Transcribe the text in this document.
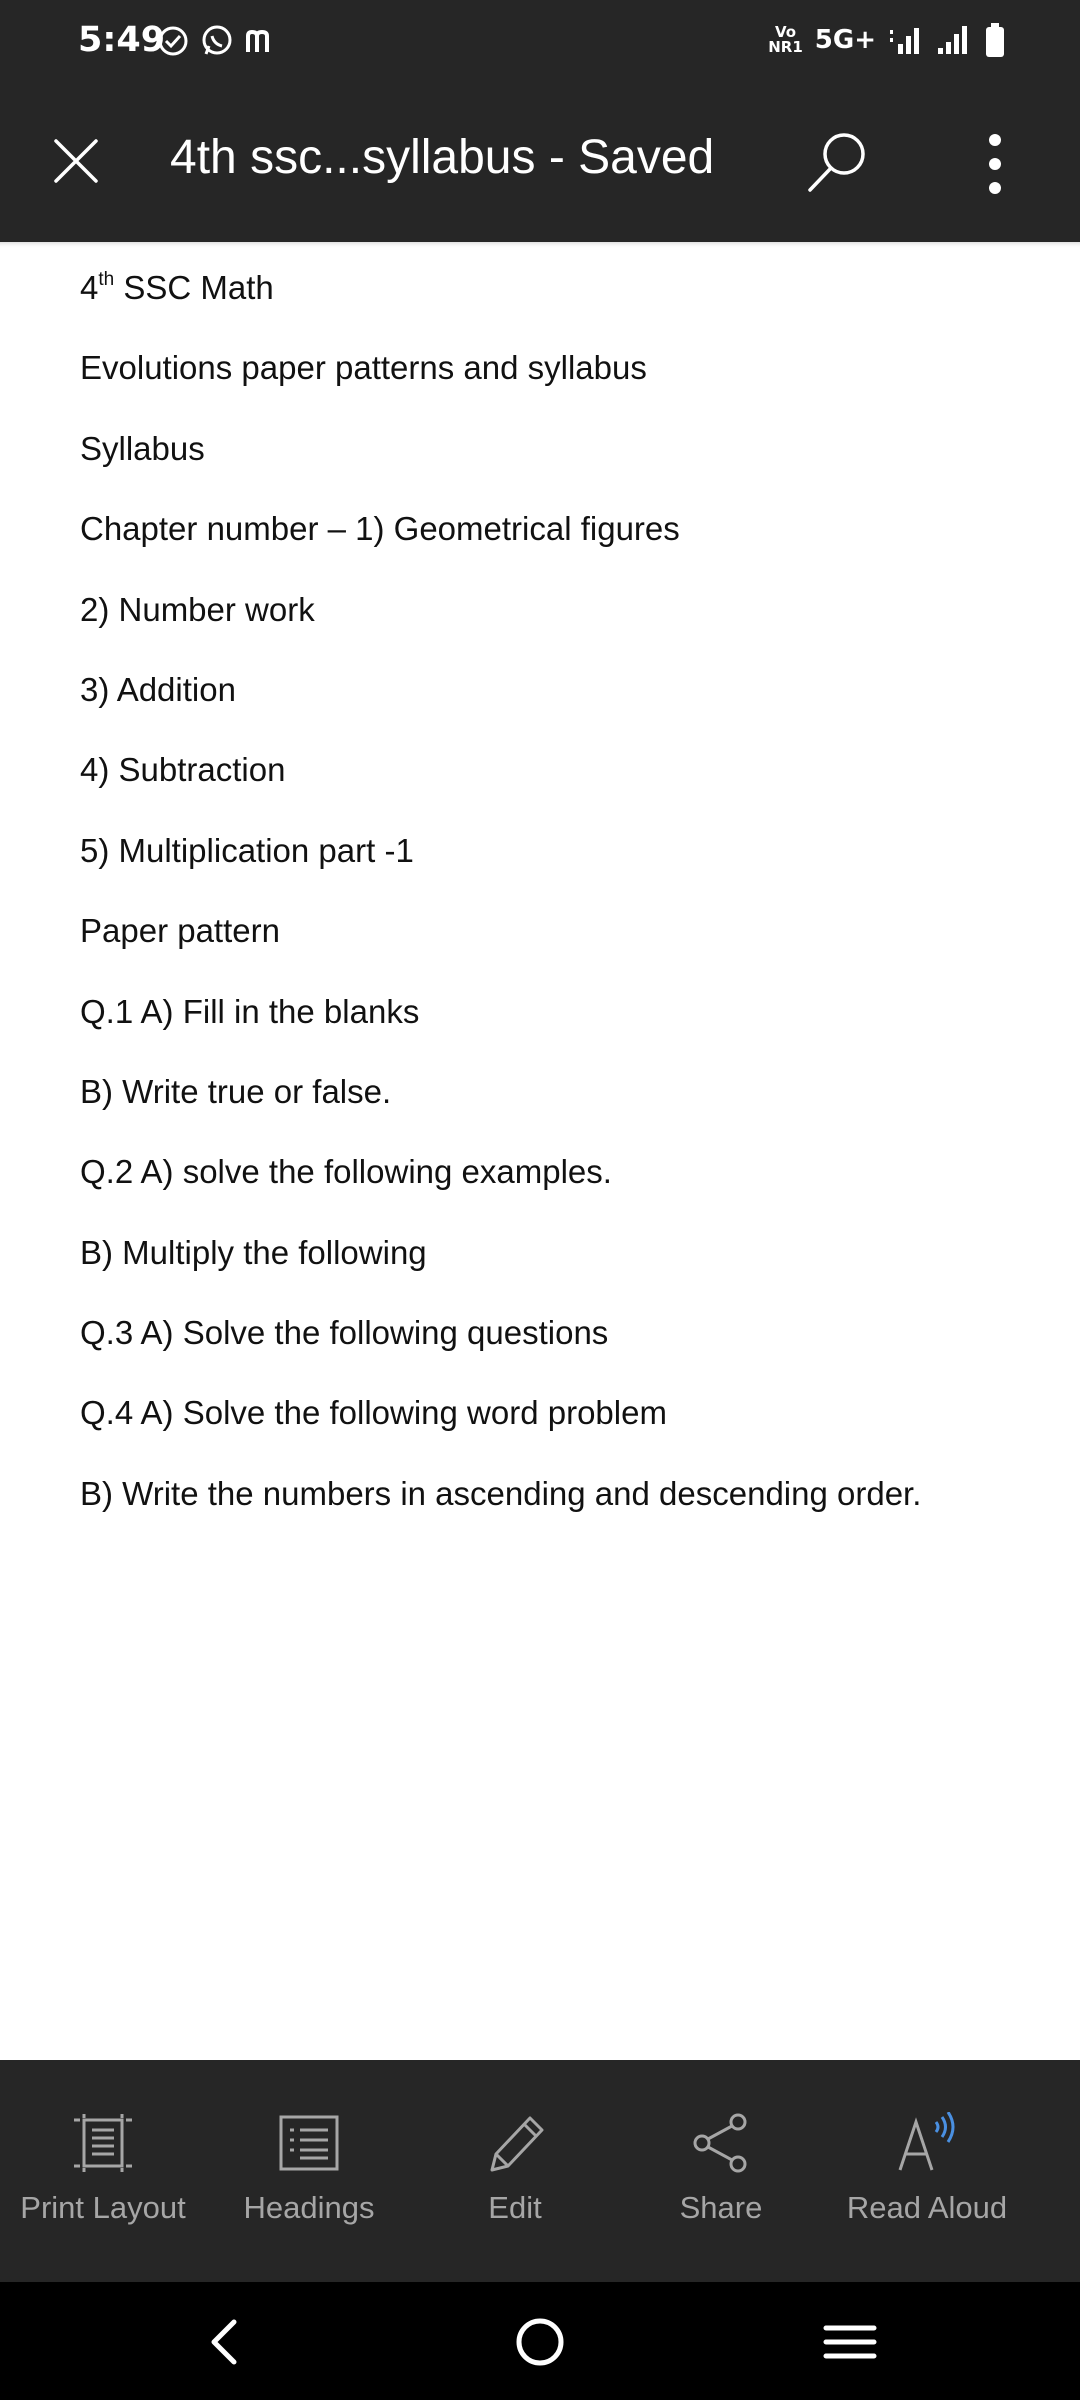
5:49	Vo
NR1 5G+
4th ssc...syllabus - Saved
4th SSC Math
Evolutions paper patterns and syllabus
Syllabus
Chapter number – 1) Geometrical figures
2) Number work
3) Addition
4) Subtraction
5) Multiplication part -1
Paper pattern
Q.1 A) Fill in the blanks
B) Write true or false.
Q.2 A) solve the following examples.
B) Multiply the following
Q.3 A) Solve the following questions
Q.4 A) Solve the following word problem
B) Write the numbers in ascending and descending order.
Print Layout Headings	Edit	Share	Read Aloud
